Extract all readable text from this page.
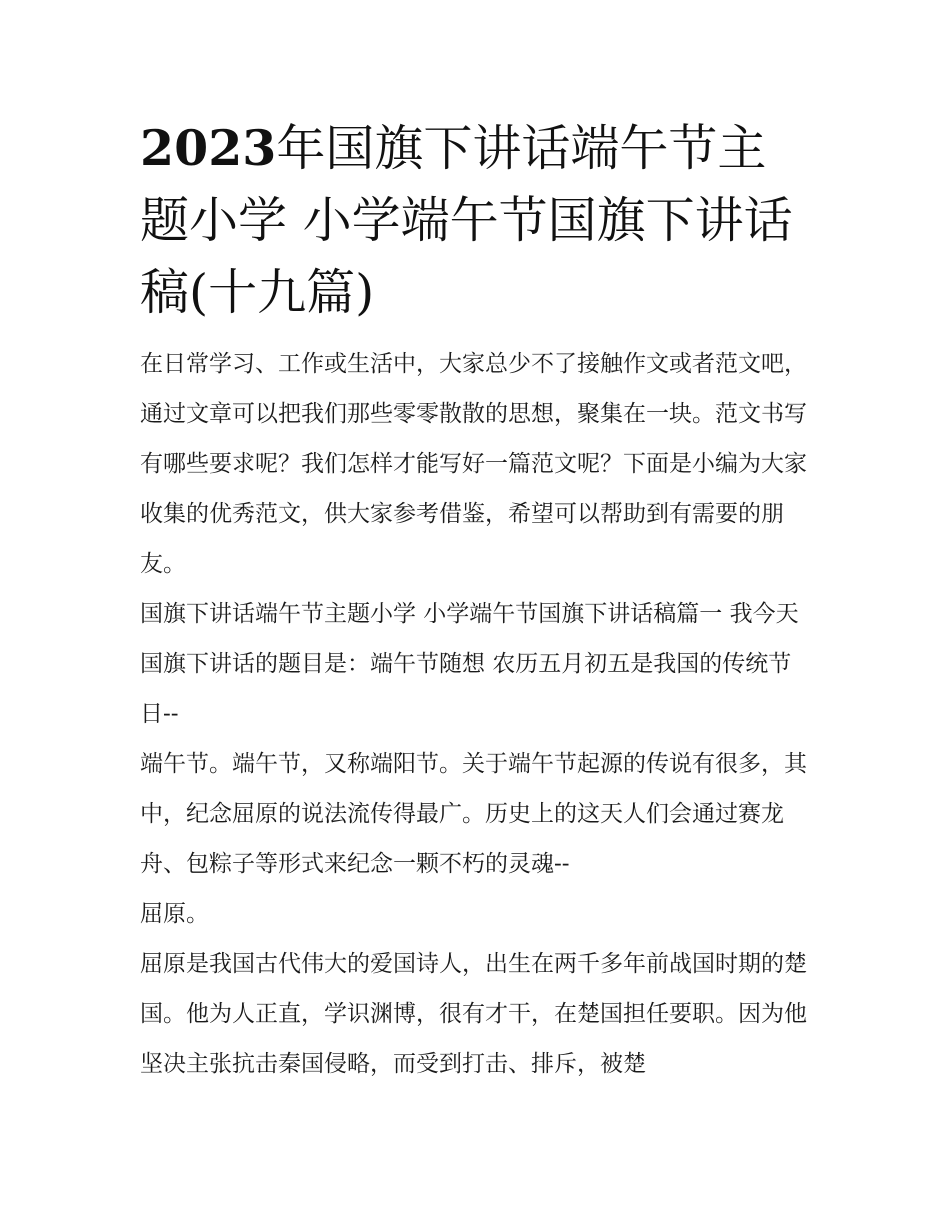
2023年国旗下讲话端午节主题小学 小学端午节国旗下讲话稿(十九篇)

在日常学习、工作或生活中，大家总少不了接触作文或者范文吧，通过文章可以把我们那些零零散散的思想，聚集在一块。范文书写有哪些要求呢？我们怎样才能写好一篇范文呢？下面是小编为大家收集的优秀范文，供大家参考借鉴，希望可以帮助到有需要的朋友。

国旗下讲话端午节主题小学 小学端午节国旗下讲话稿篇一 我今天国旗下讲话的题目是：端午节随想 农历五月初五是我国的传统节日--

端午节。端午节，又称端阳节。关于端午节起源的传说有很多，其中，纪念屈原的说法流传得最广。历史上的这天人们会通过赛龙舟、包粽子等形式来纪念一颗不朽的灵魂--

屈原。

屈原是我国古代伟大的爱国诗人，出生在两千多年前战国时期的楚国。他为人正直，学识渊博，很有才干，在楚国担任要职。因为他坚决主张抗击秦国侵略，而受到打击、排斥，被楚
